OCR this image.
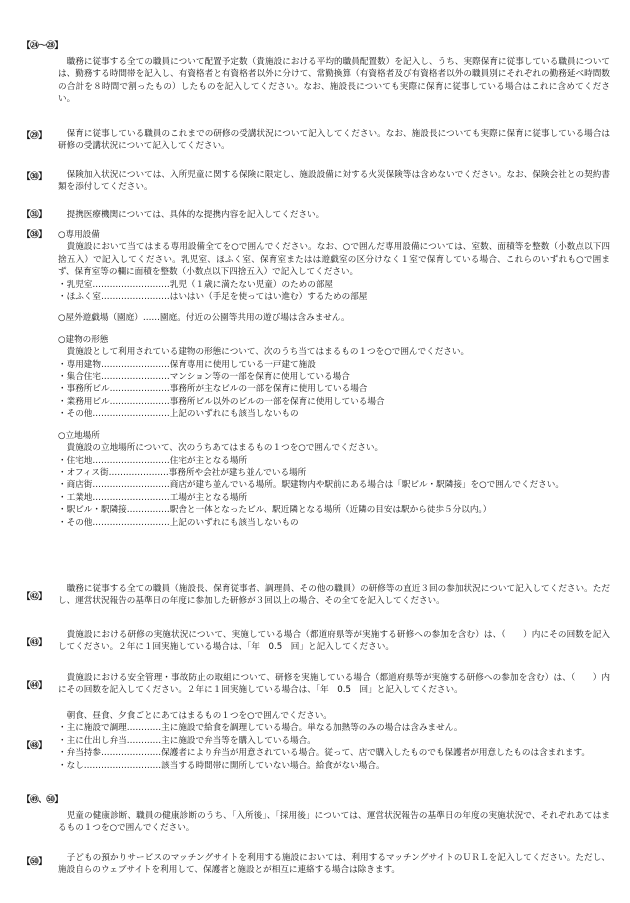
【㉔～㉘】

職務に従事する全ての職員について配置予定数（貴施設における平均的職員配置数）を記入し、うち、実際保育に従事している職員については、勤務する時間帯を記入し、有資格者と有資格者以外に分けて、常勤換算（有資格者及び有資格者以外の職員別にそれぞれの勤務延べ時間数の合計を８時間で割ったもの）したものを記入してください。なお、施設長についても実際に保育に従事している場合はこれに含めてください。

【㉙】	保育に従事している職員のこれまでの研修の受講状況について記入してください。なお、施設長についても実際に保育に従事している場合は研修の受講状況について記入してください。

【㉚】	保険加入状況については、入所児童に関する保険に限定し、施設設備に対する火災保険等は含めないでください。なお、保険会社との契約書類を添付してください。

【㉛】	提携医療機関については、具体的な提携内容を記入してください。

【㊳】 ○専用設備

貴施設において当てはまる専用設備全てを○で囲んでください。なお、○で囲んだ専用設備については、室数、面積等を整数（小数点以下四捨五入）で記入してください。乳児室、ほふく室、保育室またはは遊戯室の区分けなく１室で保育している場合、これらのいずれも○で囲まず、保育室等の欄に面積を整数（小数点以下四捨五入）で記入してください。

・乳児室………………………乳児（１歳に満たない児童）のための部屋

・ほふく室……………………はいはい（手足を使ってはい進む）するための部屋

○屋外遊戯場（園庭）……園庭。付近の公園等共用の遊び場は含みません。

○建物の形態

貴施設として利用されている建物の形態について、次のうち当てはまるもの１つを○で囲んでください。

・専用建物……………………保育専用に使用している一戸建て施設

・集合住宅……………………マンション等の一部を保育に使用している場合

・事務所ビル…………………事務所が主なビルの一部を保育に使用している場合

・業務用ビル…………………事務所ビル以外のビルの一部を保育に使用している場合

・その他………………………上記のいずれにも該当しないもの

○立地場所

貴施設の立地場所について、次のうちあてはまるもの１つを○で囲んでください。

・住宅地………………………住宅が主となる場所

・オフィス街…………………事務所や会社が建ち並んでいる場所

・商店街………………………商店が建ち並んでいる場所。駅建物内や駅前にある場合は「駅ビル・駅隣接」を○で囲んでください。

・工業地………………………工場が主となる場所

・駅ビル・駅隣接……………駅舎と一体となったビル、駅近隣となる場所（近隣の目安は駅から徒歩５分以内。）

・その他………………………上記のいずれにも該当しないもの

【㊷】

職務に従事する全ての職員（施設長、保育従事者、調理員、その他の職員）の研修等の直近３回の参加状況について記入してください。ただし、運営状況報告の基準日の年度に参加した研修が３回以上の場合、その全てを記入してください。

【㊸】

貴施設における研修の実施状況について、実施している場合（都道府県等が実施する研修への参加を含む）は、（　　）内にその回数を記入してください。２年に１回実施している場合は、「年　0.5　回」と記入してください。

【㊹】

貴施設における安全管理・事故防止の取組について、研修を実施している場合（都道府県等が実施する研修への参加を含む）は、（　　）内にその回数を記入してください。２年に１回実施している場合は、「年　0.5　回」と記入してください。

【㊽】

朝食、昼食、夕食ごとにあてはまるもの１つを○で囲んでください。

・主に施設で調理…………主に施設で給食を調理している場合。単なる加熱等のみの場合は含みません。

・主に仕出し弁当…………主に施設で弁当等を購入している場合。

・弁当持参…………………保護者により弁当が用意されている場合。従って、店で購入したものでも保護者が用意したものは含まれます。

・なし………………………該当する時間帯に開所していない場合。給食がない場合。

【㊾、㊿】

児童の健康診断、職員の健康診断のうち、「入所後」、「採用後」については、運営状況報告の基準日の年度の実施状況で、それぞれあてはまるもの１つを○で囲んでください。

【㊿】	子どもの預かりサービスのマッチングサイトを利用する施設においては、利用するマッチングサイトのＵＲＬを記入してください。ただし、施設自らのウェブサイトを利用して、保護者と施設とが相互に連絡する場合は除きます。
